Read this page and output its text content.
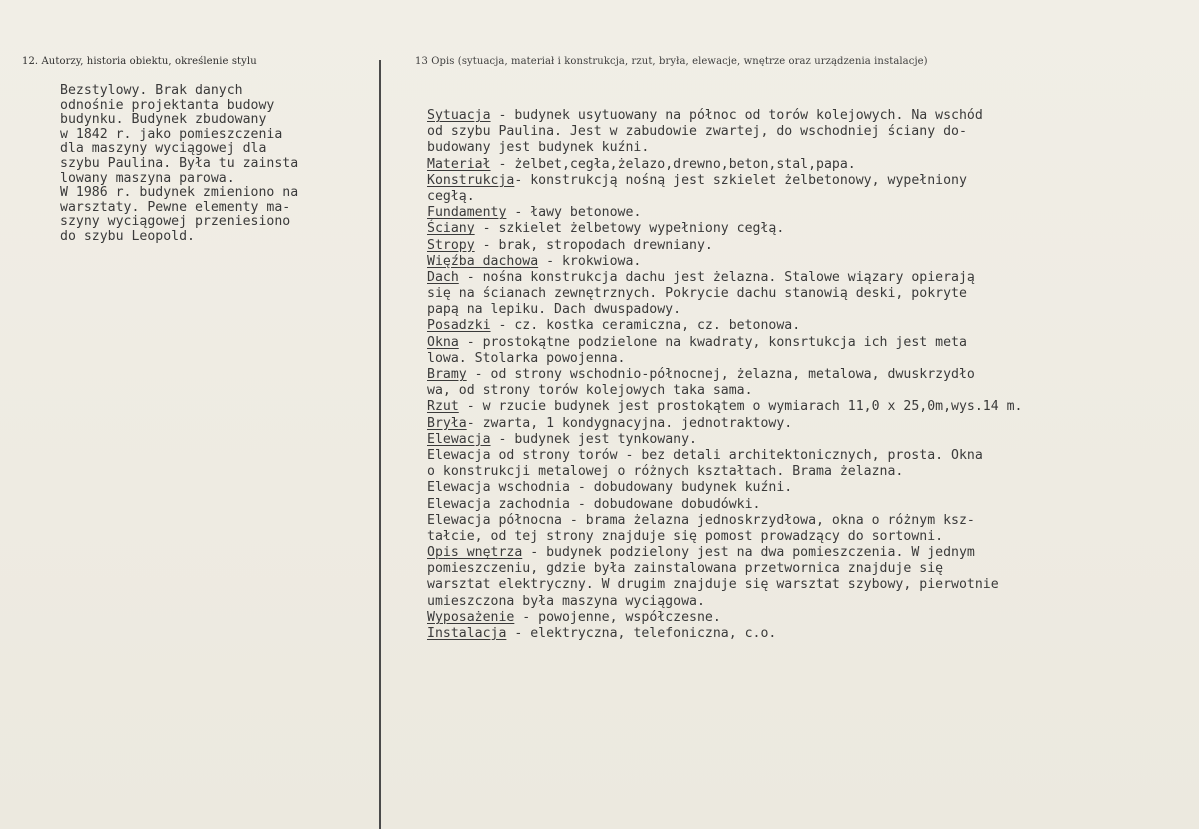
12. Autorzy, historia obiektu, określenie stylu	13 Opis (sytuacja, materiał i konstrukcja, rzut, bryła, elewacje, wnętrze oraz urządzenia instalacje)
Bezstylowy. Brak danych
odnośnie projektanta budowy
budynku. Budynek zbudowany
w 1842 r. jako pomieszczenia
dla maszyny wyciągowej dla
szybu Paulina. Była tu zainsta
lowany maszyna parowa.
W 1986 r. budynek zmieniono na
warsztaty. Pewne elementy ma-
szyny wyciągowej przeniesiono
do szybu Leopold.
Sytuacja - budynek usytuowany na północ od torów kolejowych. Na wschód
od szybu Paulina. Jest w zabudowie zwartej, do wschodniej ściany do-
budowany jest budynek kuźni.
Materiał - żelbet,cegła,żelazo,drewno,beton,stal,papa.
Konstrukcja- konstrukcją nośną jest szkielet żelbetonowy, wypełniony
cegłą.
Fundamenty - ławy betonowe.
Ściany - szkielet żelbetowy wypełniony cegłą.
Stropy - brak, stropodach drewniany.
Więźba dachowa - krokwiowa.
Dach - nośna konstrukcja dachu jest żelazna. Stalowe wiązary opierają
się na ścianach zewnętrznych. Pokrycie dachu stanowią deski, pokryte
papą na lepiku. Dach dwuspadowy.
Posadzki - cz. kostka ceramiczna, cz. betonowa.
Okna - prostokątne podzielone na kwadraty, konsrtukcja ich jest meta
lowa. Stolarka powojenna.
Bramy - od strony wschodnio-północnej, żelazna, metalowa, dwuskrzydło
wa, od strony torów kolejowych taka sama.
Rzut - w rzucie budynek jest prostokątem o wymiarach 11,0 x 25,0m,wys.14 m.
Bryła- zwarta, 1 kondygnacyjna. jednotraktowy.
Elewacja - budynek jest tynkowany.
Elewacja od strony torów - bez detali architektonicznych, prosta. Okna
o konstrukcji metalowej o różnych kształtach. Brama żelazna.
Elewacja wschodnia - dobudowany budynek kuźni.
Elewacja zachodnia - dobudowane dobudówki.
Elewacja północna - brama żelazna jednoskrzydłowa, okna o różnym ksz-
tałcie, od tej strony znajduje się pomost prowadzący do sortowni.
Opis wnętrza - budynek podzielony jest na dwa pomieszczenia. W jednym
pomieszczeniu, gdzie była zainstalowana przetwornica znajduje się
warsztat elektryczny. W drugim znajduje się warsztat szybowy, pierwotnie
umieszczona była maszyna wyciągowa.
Wyposażenie - powojenne, współczesne.
Instalacja - elektryczna, telefoniczna, c.o.
